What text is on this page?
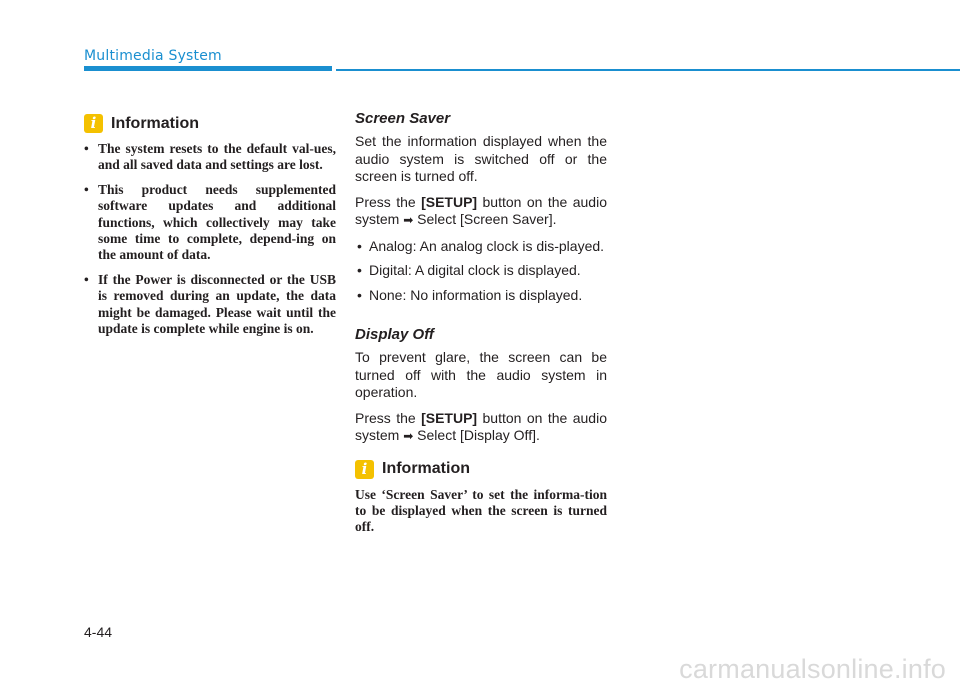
Multimedia System
i Information
• The system resets to the default val-ues, and all saved data and settings are lost.
• This product needs supplemented software updates and additional functions, which collectively may take some time to complete, depend-ing on the amount of data.
• If the Power is disconnected or the USB is removed during an update, the data might be damaged. Please wait until the update is complete while engine is on.
Screen Saver

Set the information displayed when the audio system is switched off or the screen is turned off.

Press the [SETUP] button on the audio system ➡ Select [Screen Saver].

• Analog: An analog clock is dis-played.
• Digital: A digital clock is displayed.
• None: No information is displayed.
Display Off

To prevent glare, the screen can be turned off with the audio system in operation.

Press the [SETUP] button on the audio system ➡ Select [Display Off].

i Information

Use ‘Screen Saver’ to set the informa-tion to be displayed when the screen is turned off.

4-44
carmanualsonline.info
